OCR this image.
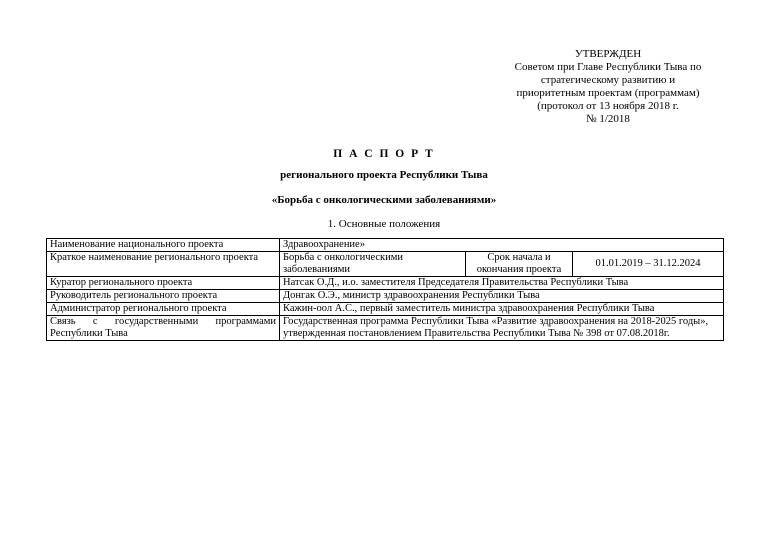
УТВЕРЖДЕН
Советом при Главе Республики Тыва по
стратегическому развитию и
приоритетным проектам (программам)
(протокол от 13 ноября 2018 г.
№ 1/2018
П А С П О Р Т
регионального проекта Республики Тыва
«Борьба с онкологическими заболеваниями»
1. Основные положения
Наименование национального проекта	Здравоохранение»		
Краткое наименование регионального проекта	Борьба с онкологическими заболеваниями	Срок начала и окончания проекта	01.01.2019 – 31.12.2024
Куратор регионального проекта	Натсак О.Д., и.о. заместителя Председателя Правительства Республики Тыва		
Руководитель регионального проекта	Донгак О.Э., министр здравоохранения Республики Тыва		
Администратор регионального проекта	Кажин-оол А.С., первый заместитель министра здравоохранения Республики Тыва		

Связь с государственными программами
Республики Тыва	Государственная программа Республики Тыва «Развитие здравоохранения на 2018-2025 годы», утвержденная постановлением Правительства Республики Тыва № 398 от 07.08.2018г.		
